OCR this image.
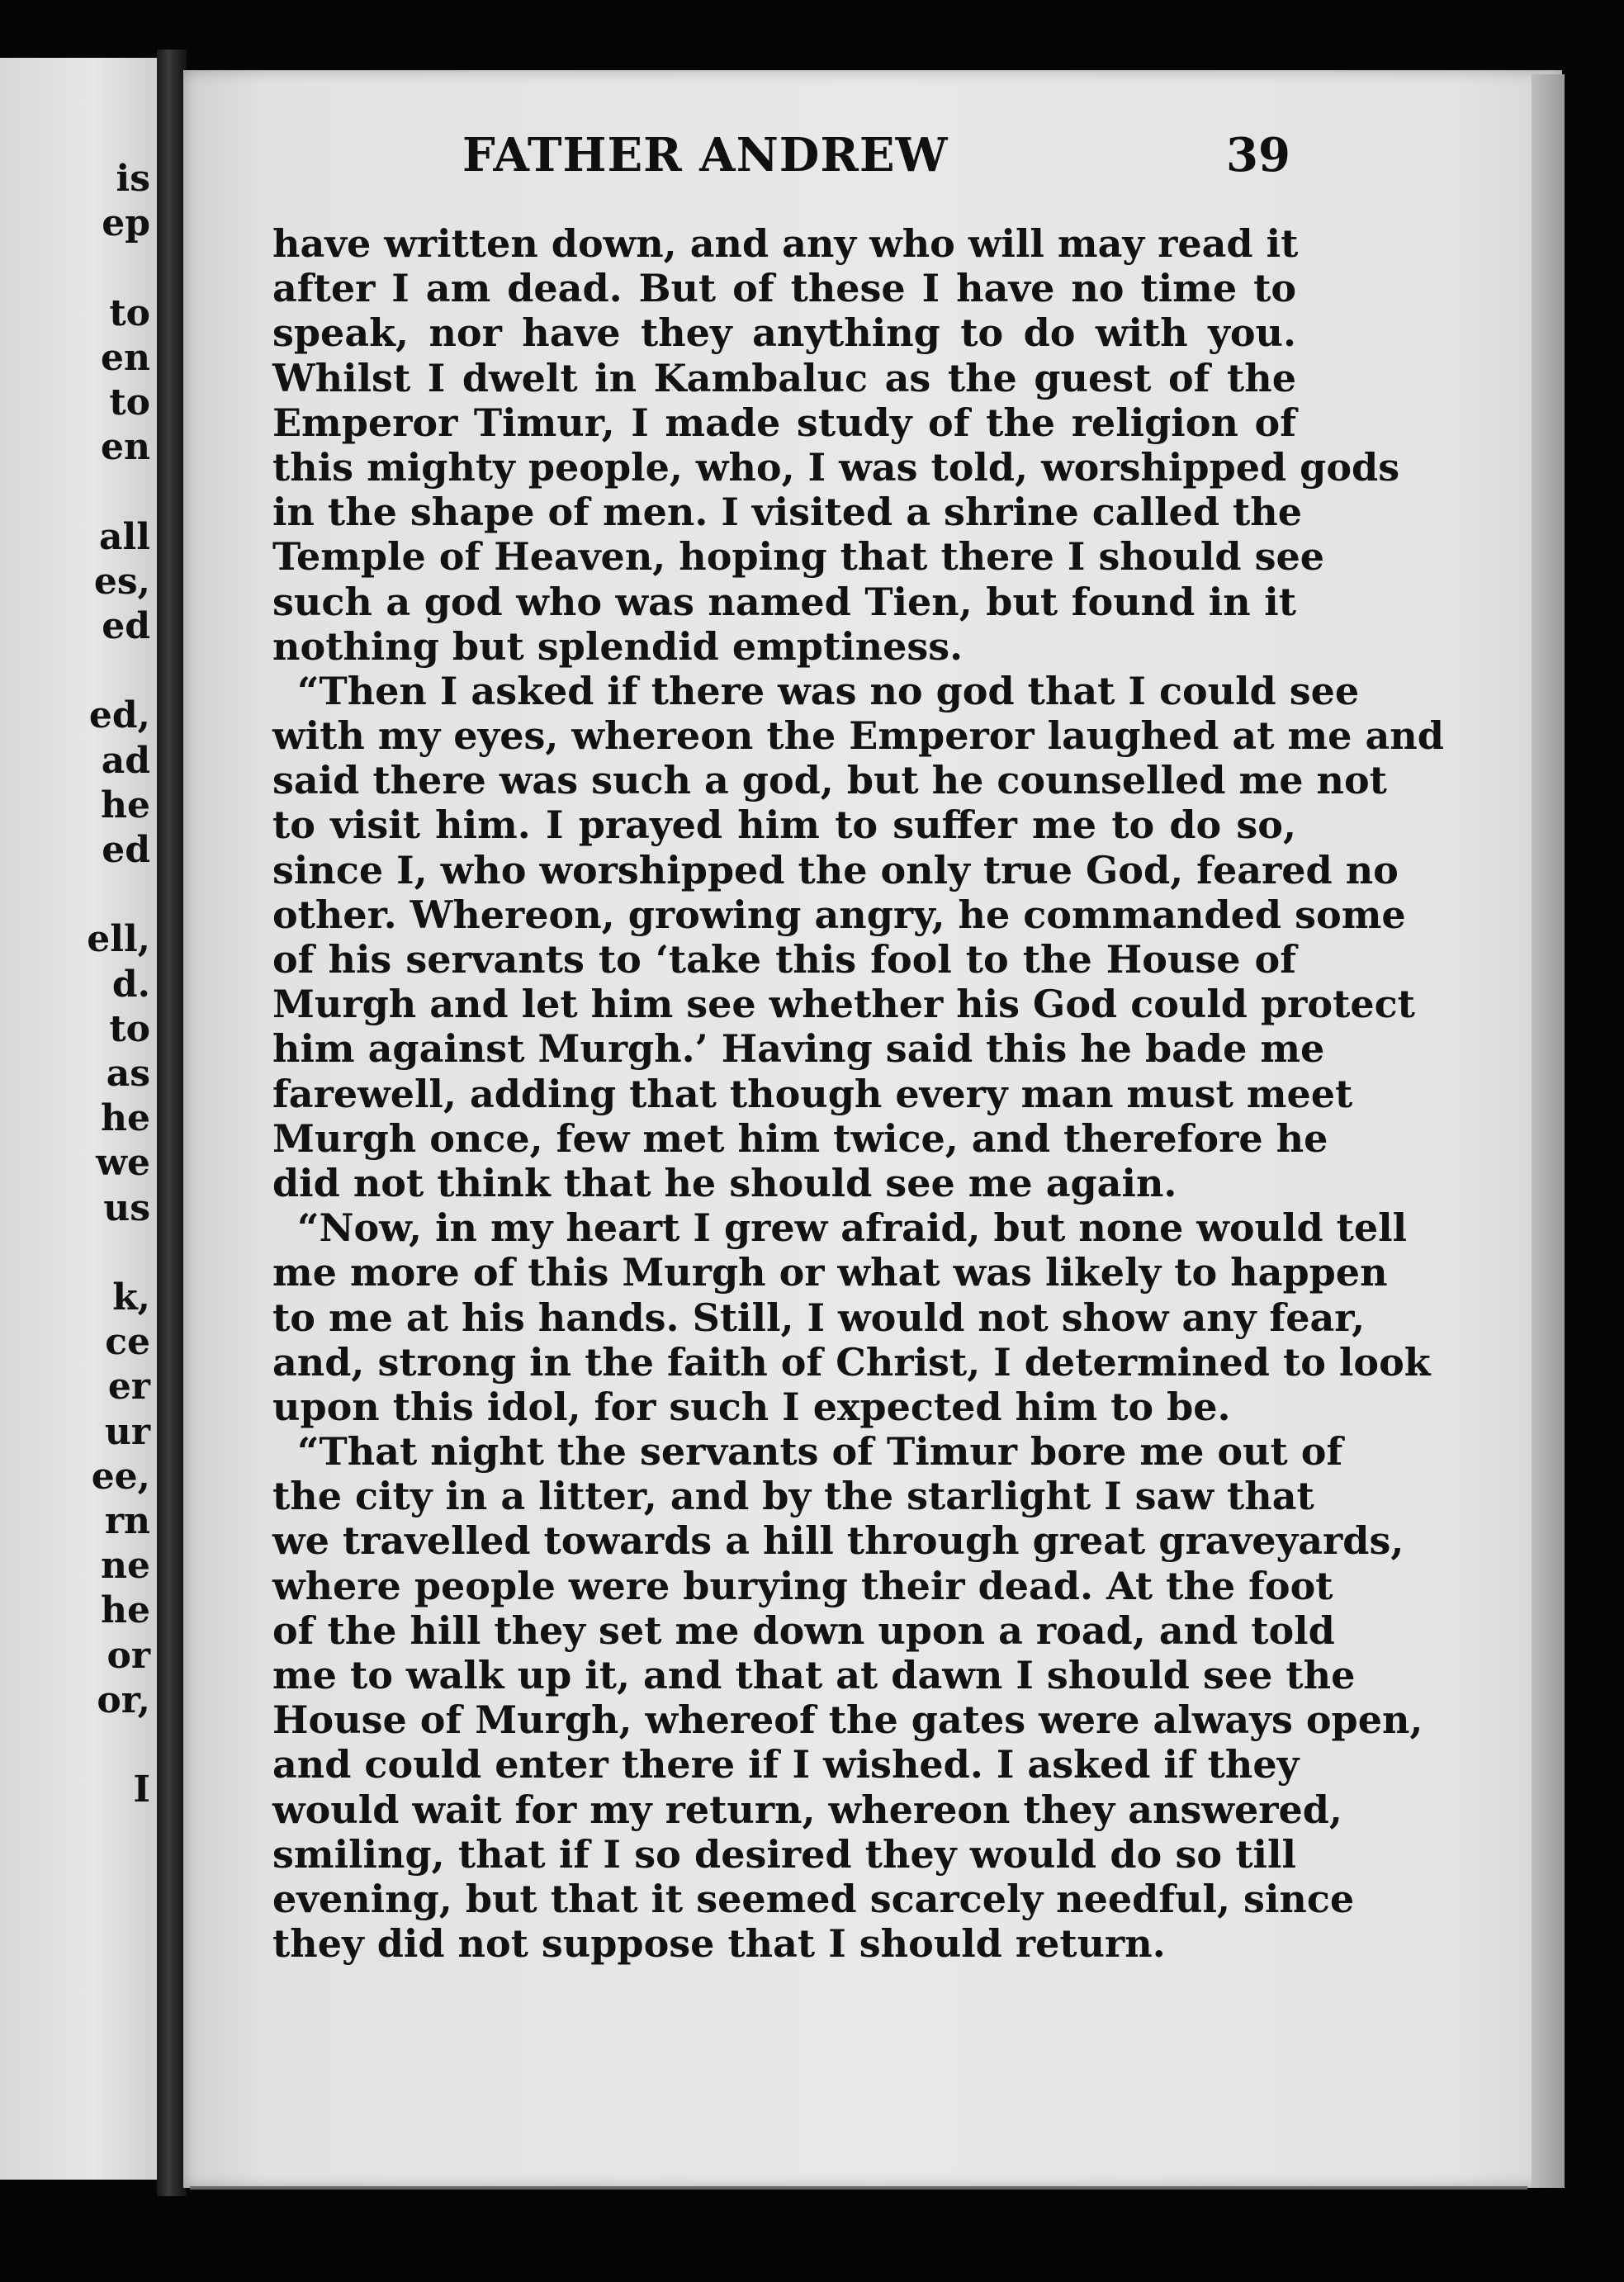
is
ep
to
en
to
en
all
es,
ed
ed,
ad
he
ed
ell,
d.
to
as
he
we
us
k,
ce
er
ur
ee,
rn
ne
he
or
or,
I
FATHER ANDREW	39
have written down, and any who will may read it
after I am dead. But of these I have no time to
speak, nor have they anything to do with you.
Whilst I dwelt in Kambaluc as the guest of the
Emperor Timur, I made study of the religion of
this mighty people, who, I was told, worshipped gods
in the shape of men. I visited a shrine called the
Temple of Heaven, hoping that there I should see
such a god who was named Tien, but found in it
nothing but splendid emptiness.
“Then I asked if there was no god that I could see
with my eyes, whereon the Emperor laughed at me and
said there was such a god, but he counselled me not
to visit him. I prayed him to suffer me to do so,
since I, who worshipped the only true God, feared no
other. Whereon, growing angry, he commanded some
of his servants to ‘take this fool to the House of
Murgh and let him see whether his God could protect
him against Murgh.’ Having said this he bade me
farewell, adding that though every man must meet
Murgh once, few met him twice, and therefore he
did not think that he should see me again.
“Now, in my heart I grew afraid, but none would tell
me more of this Murgh or what was likely to happen
to me at his hands. Still, I would not show any fear,
and, strong in the faith of Christ, I determined to look
upon this idol, for such I expected him to be.
“That night the servants of Timur bore me out of
the city in a litter, and by the starlight I saw that
we travelled towards a hill through great graveyards,
where people were burying their dead. At the foot
of the hill they set me down upon a road, and told
me to walk up it, and that at dawn I should see the
House of Murgh, whereof the gates were always open,
and could enter there if I wished. I asked if they
would wait for my return, whereon they answered,
smiling, that if I so desired they would do so till
evening, but that it seemed scarcely needful, since
they did not suppose that I should return.
